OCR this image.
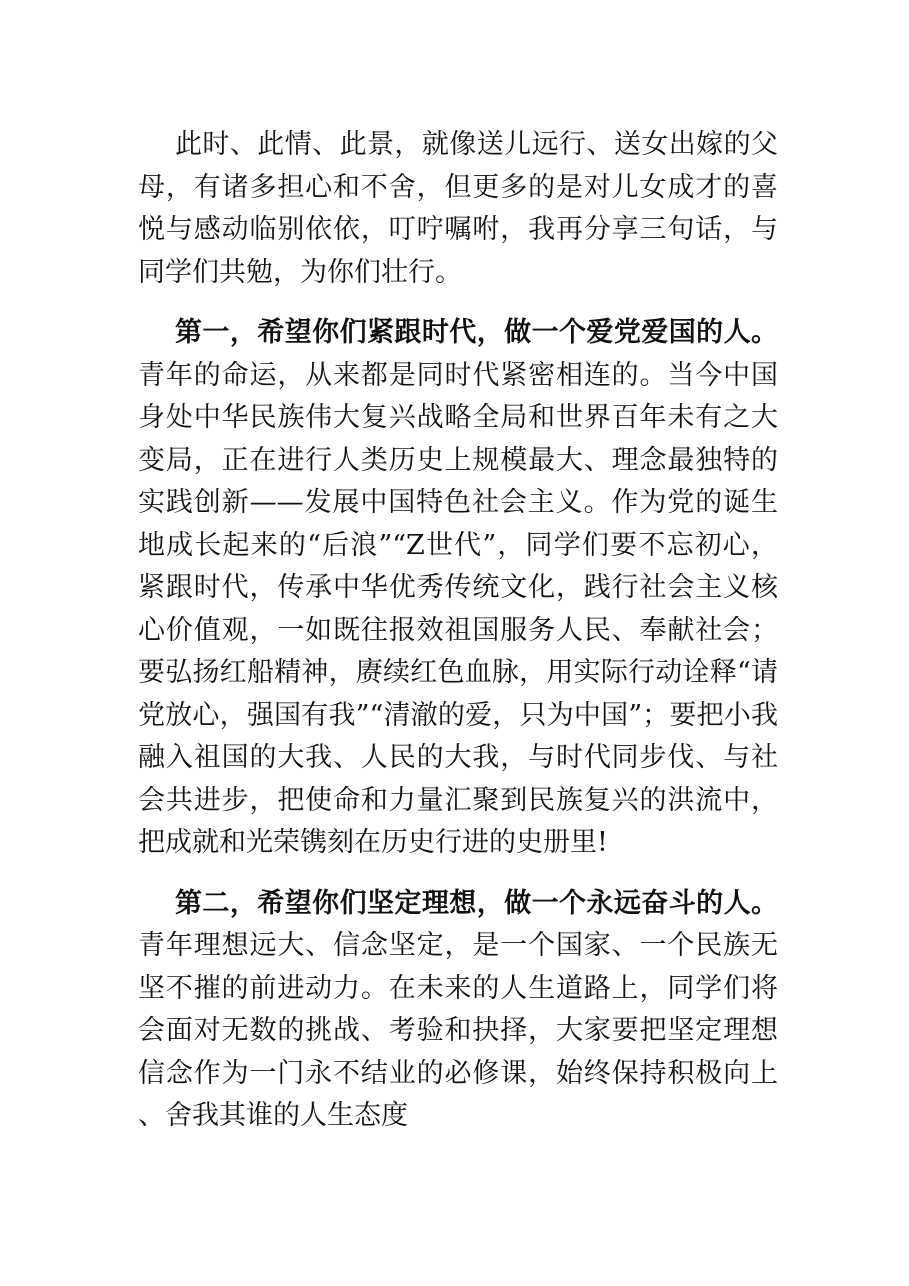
此时、此情、此景，就像送儿远行、送女出嫁的父母，有诸多担心和不舍，但更多的是对儿女成才的喜悦与感动临别依依，叮咛嘱咐，我再分享三句话，与同学们共勉，为你们壮行。

第一，希望你们紧跟时代，做一个爱党爱国的人。青年的命运，从来都是同时代紧密相连的。当今中国身处中华民族伟大复兴战略全局和世界百年未有之大变局，正在进行人类历史上规模最大、理念最独特的实践创新——发展中国特色社会主义。作为党的诞生地成长起来的“后浪”“Z世代”，同学们要不忘初心，紧跟时代，传承中华优秀传统文化，践行社会主义核心价值观，一如既往报效祖国服务人民、奉献社会；要弘扬红船精神，赓续红色血脉，用实际行动诠释“请党放心，强国有我”“清澈的爱，只为中国”；要把小我融入祖国的大我、人民的大我，与时代同步伐、与社会共进步，把使命和力量汇聚到民族复兴的洪流中，把成就和光荣镌刻在历史行进的史册里!

第二，希望你们坚定理想，做一个永远奋斗的人。青年理想远大、信念坚定，是一个国家、一个民族无坚不摧的前进动力。在未来的人生道路上，同学们将会面对无数的挑战、考验和抉择，大家要把坚定理想信念作为一门永不结业的必修课，始终保持积极向上、舍我其谁的人生态度
